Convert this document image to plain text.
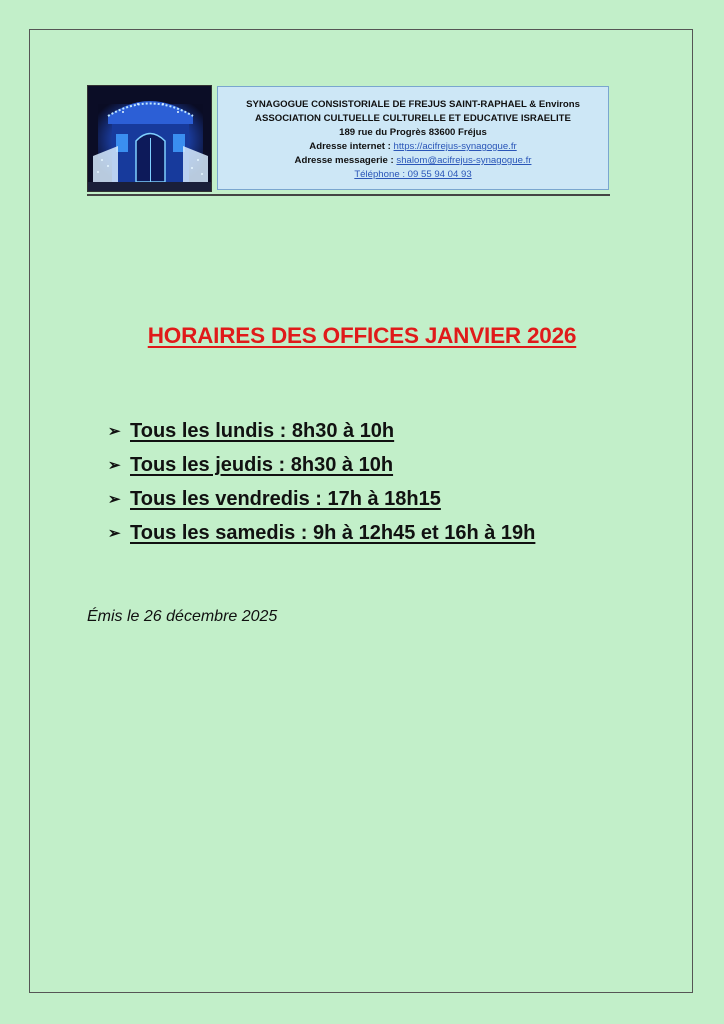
SYNAGOGUE CONSISTORIALE DE FREJUS SAINT-RAPHAEL & Environs
ASSOCIATION CULTUELLE CULTURELLE ET EDUCATIVE ISRAELITE
189 rue du Progrès 83600 Fréjus
Adresse internet : https://acifrejus-synagogue.fr
Adresse messagerie : shalom@acifrejus-synagogue.fr
Téléphone : 09 55 94 04 93
HORAIRES DES OFFICES JANVIER 2026
➢ Tous les lundis : 8h30 à 10h
➢ Tous les jeudis : 8h30 à 10h
➢ Tous les vendredis : 17h à 18h15
➢ Tous les samedis : 9h à 12h45 et 16h à 19h
Émis le 26 décembre 2025
